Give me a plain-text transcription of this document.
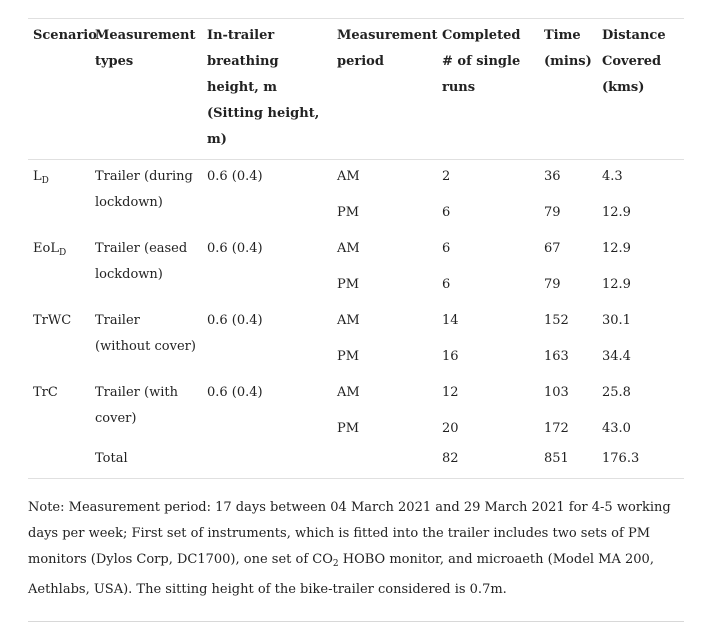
Scenario	Measurement types	In-trailer breathing height, m (Sitting height, m)	Measurement period	Completed # of single runs	Time (mins)	Distance Covered (kms)
$L_D$	Trailer (during lockdown)	0.6 (0.4)	AM	2	36	4.3
			PM	6	79	12.9
EoL$_D$	Trailer (eased lockdown)	0.6 (0.4)	AM	6	67	12.9
			PM	6	79	12.9
TrWC	Trailer (without cover)	0.6 (0.4)	AM	14	152	30.1
			PM	16	163	34.4
TrC	Trailer (with cover)	0.6 (0.4)	AM	12	103	25.8
			PM	20	172	43.0
	Total			82	851	176.3
Note: Measurement period: 17 days between 04 March 2021 and 29 March 2021 for 4-5 working days per week; First set of instruments, which is fitted into the trailer includes two sets of PM monitors (Dylos Corp, DC1700), one set of $CO_2$ HOBO monitor, and microaeth (Model MA 200, Aethlabs, USA). The sitting height of the bike-trailer considered is 0.7m.
